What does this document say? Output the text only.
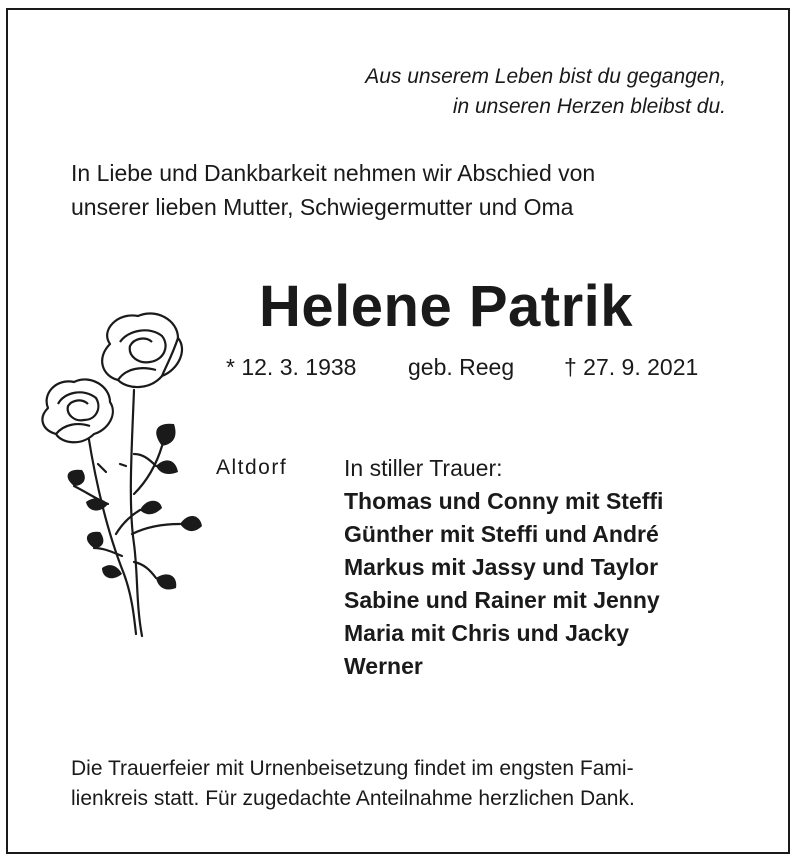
Aus unserem Leben bist du gegangen,
in unseren Herzen bleibst du.
In Liebe und Dankbarkeit nehmen wir Abschied von
unserer lieben Mutter, Schwiegermutter und Oma
Helene Patrik
* 12. 3. 1938 geb. Reeg † 27. 9. 2021
Altdorf In stiller Trauer:
Thomas und Conny mit Steffi
Günther mit Steffi und André
Markus mit Jassy und Taylor
Sabine und Rainer mit Jenny
Maria mit Chris und Jacky
Werner
Die Trauerfeier mit Urnenbeisetzung findet im engsten Fami-
lienkreis statt. Für zugedachte Anteilnahme herzlichen Dank.
